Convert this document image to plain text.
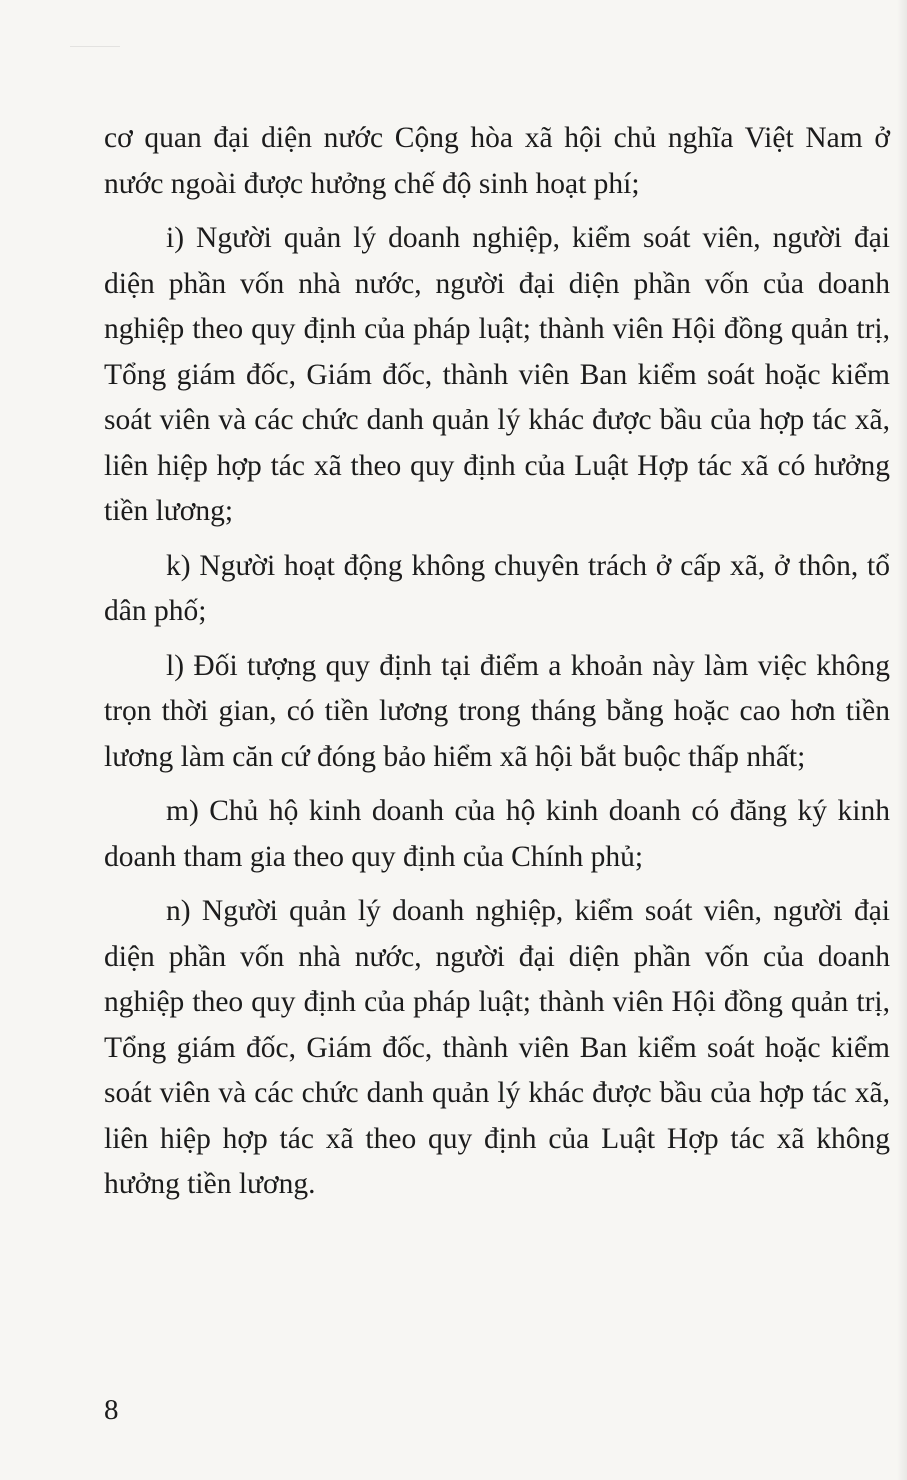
cơ quan đại diện nước Cộng hòa xã hội chủ nghĩa Việt Nam ở nước ngoài được hưởng chế độ sinh hoạt phí;

i) Người quản lý doanh nghiệp, kiểm soát viên, người đại diện phần vốn nhà nước, người đại diện phần vốn của doanh nghiệp theo quy định của pháp luật; thành viên Hội đồng quản trị, Tổng giám đốc, Giám đốc, thành viên Ban kiểm soát hoặc kiểm soát viên và các chức danh quản lý khác được bầu của hợp tác xã, liên hiệp hợp tác xã theo quy định của Luật Hợp tác xã có hưởng tiền lương;

k) Người hoạt động không chuyên trách ở cấp xã, ở thôn, tổ dân phố;

l) Đối tượng quy định tại điểm a khoản này làm việc không trọn thời gian, có tiền lương trong tháng bằng hoặc cao hơn tiền lương làm căn cứ đóng bảo hiểm xã hội bắt buộc thấp nhất;

m) Chủ hộ kinh doanh của hộ kinh doanh có đăng ký kinh doanh tham gia theo quy định của Chính phủ;

n) Người quản lý doanh nghiệp, kiểm soát viên, người đại diện phần vốn nhà nước, người đại diện phần vốn của doanh nghiệp theo quy định của pháp luật; thành viên Hội đồng quản trị, Tổng giám đốc, Giám đốc, thành viên Ban kiểm soát hoặc kiểm soát viên và các chức danh quản lý khác được bầu của hợp tác xã, liên hiệp hợp tác xã theo quy định của Luật Hợp tác xã không hưởng tiền lương.

8
